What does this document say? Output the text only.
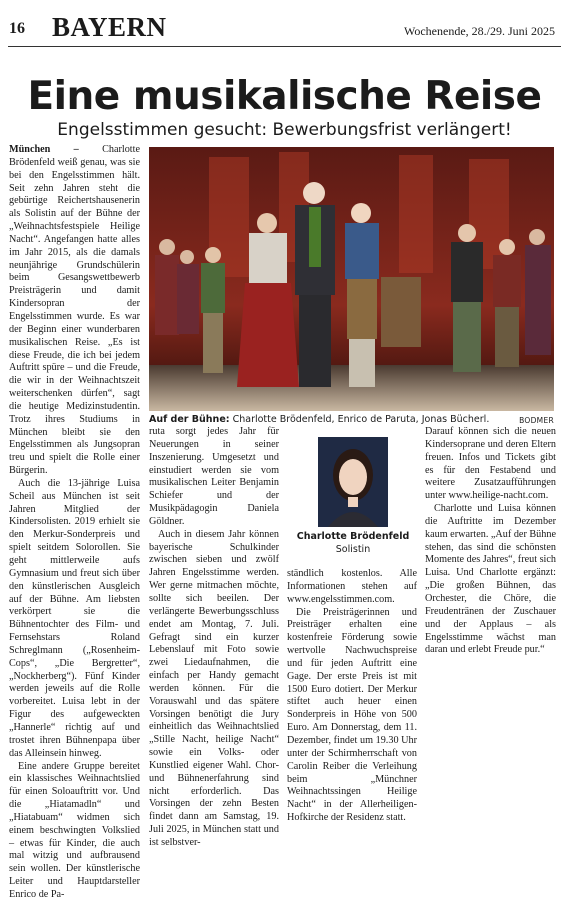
16 BAYERN	Wochenende, 28./29. Juni 2025
Eine musikalische Reise
Engelsstimmen gesucht: Bewerbungsfrist verlängert!

München – Charlotte Brödenfeld weiß genau, was sie bei den Engelsstimmen hält. Seit zehn Jahren steht die gebürtige Reichertshausenerin als Solistin auf der Bühne der „Weihnachtsfestspiele Heilige Nacht“. Angefangen hatte alles im Jahr 2015, als die damals neunjährige Grundschülerin beim Gesangswettbewerb Preisträgerin und damit Kindersopran der Engelsstimmen wurde. Es war der Beginn einer wunderbaren musikalischen Reise. „Es ist diese Freude, die ich bei jedem Auftritt spüre – und die Freude, die wir in der Weihnachtszeit weiterschenken dürfen“, sagt die heutige Medizinstudentin. Trotz ihres Studiums in München bleibt sie den Engelsstimmen als Jungsopran treu und spielt die Rolle einer Bürgerin.

Auch die 13-jährige Luisa Scheil aus München ist seit Jahren Mitglied der Kindersolisten. 2019 erhielt sie den Merkur-Sonderpreis und spielt seitdem Solorollen. Sie geht mittlerweile aufs Gymnasium und freut sich über den künstlerischen Ausgleich auf der Bühne. Am liebsten verkörpert sie die Bühnentochter des Film- und Fernsehstars Roland Schreglmann („Rosenheim-Cops“, „Die Bergretter“, „Nockherberg“). Fünf Kinder werden jeweils auf die Rolle vorbereitet. Luisa lebt in der Figur des aufgeweckten „Hannerle“ richtig auf und trostet ihren Bühnenpapa über das Alleinsein hinweg.

Eine andere Gruppe bereitet ein klassisches Weihnachtslied für einen Soloauftritt vor. Und die „Hiatamadln“ und „Hiatabuam“ widmen sich einem beschwingten Volkslied – etwas für Kinder, die auch mal witzig und aufbrausend sein wollen. Der künstlerische Leiter und Hauptdarsteller Enrico de Pa-

Auf der Bühne: Charlotte Brödenfeld, Enrico de Paruta, Jonas Bücherl.	BODMER

ruta sorgt jedes Jahr für Neuerungen in seiner Inszenierung. Umgesetzt und einstudiert werden sie vom musikalischen Leiter Benjamin Schiefer und der Musikpädagogin Daniela Göldner.

Auch in diesem Jahr können bayerische Schulkinder zwischen sieben und zwölf Jahren Engelsstimme werden. Wer gerne mitmachen möchte, sollte sich beeilen. Der verlängerte Bewerbungsschluss endet am Montag, 7. Juli. Gefragt sind ein kurzer Lebenslauf mit Foto sowie zwei Liedaufnahmen, die einfach per Handy gemacht werden können. Für die Vorauswahl und das spätere Vorsingen benötigt die Jury einheitlich das Weihnachtslied „Stille Nacht, heilige Nacht“ sowie ein Volks- oder Kunstlied eigener Wahl. Chor- und Bühnenerfahrung sind nicht erforderlich. Das Vorsingen der zehn Besten findet dann am Samstag, 19. Juli 2025, in München statt und ist selbstver-

Charlotte Brödenfeld
Solistin

ständlich kostenlos. Alle Informationen stehen auf www.engelsstimmen.com.

Die Preisträgerinnen und Preisträger erhalten eine kostenfreie Förderung sowie wertvolle Nachwuchspreise und für jeden Auftritt eine Gage. Der erste Preis ist mit 1500 Euro dotiert. Der Merkur stiftet auch heuer einen Sonderpreis in Höhe von 500 Euro. Am Donnerstag, dem 11. Dezember, findet um 19.30 Uhr unter der Schirmherrschaft von Carolin Reiber die Verleihung beim „Münchner Weihnachtssingen Heilige Nacht“ in der Allerheiligen-Hofkirche der Residenz statt.

Darauf können sich die neuen Kindersoprane und deren Eltern freuen. Infos und Tickets gibt es für den Festabend und weitere Zusatzaufführungen unter www.heilige-nacht.com.

Charlotte und Luisa können die Auftritte im Dezember kaum erwarten. „Auf der Bühne stehen, das sind die schönsten Momente des Jahres“, freut sich Luisa. Und Charlotte ergänzt: „Die großen Bühnen, das Orchester, die Chöre, die Freudentränen der Zuschauer und der Applaus – als Engelsstimme wächst man daran und erlebt Freude pur.“
